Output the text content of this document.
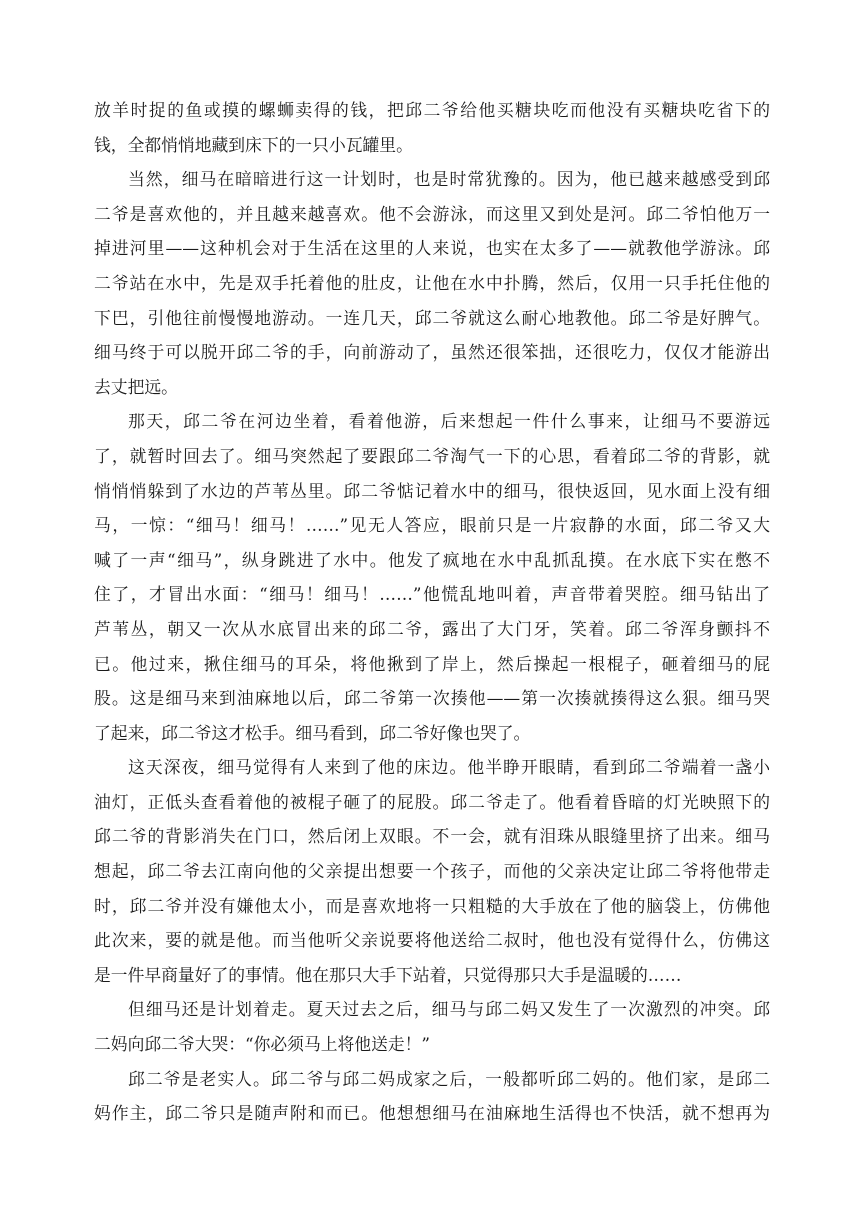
放羊时捉的鱼或摸的螺蛳卖得的钱，把邱二爷给他买糖块吃而他没有买糖块吃省下的
钱，全都悄悄地藏到床下的一只小瓦罐里。
当然，细马在暗暗进行这一计划时，也是时常犹豫的。因为，他已越来越感受到邱
二爷是喜欢他的，并且越来越喜欢。他不会游泳，而这里又到处是河。邱二爷怕他万一
掉进河里——这种机会对于生活在这里的人来说，也实在太多了——就教他学游泳。邱
二爷站在水中，先是双手托着他的肚皮，让他在水中扑腾，然后，仅用一只手托住他的
下巴，引他往前慢慢地游动。一连几天，邱二爷就这么耐心地教他。邱二爷是好脾气。
细马终于可以脱开邱二爷的手，向前游动了，虽然还很笨拙，还很吃力，仅仅才能游出
去丈把远。
那天，邱二爷在河边坐着，看着他游，后来想起一件什么事来，让细马不要游远
了，就暂时回去了。细马突然起了要跟邱二爷淘气一下的心思，看着邱二爷的背影，就
悄悄悄躲到了水边的芦苇丛里。邱二爷惦记着水中的细马，很快返回，见水面上没有细
马，一惊：“细马！细马！……”见无人答应，眼前只是一片寂静的水面，邱二爷又大
喊了一声“细马”，纵身跳进了水中。他发了疯地在水中乱抓乱摸。在水底下实在憋不
住了，才冒出水面：“细马！细马！……”他慌乱地叫着，声音带着哭腔。细马钻出了
芦苇丛，朝又一次从水底冒出来的邱二爷，露出了大门牙，笑着。邱二爷浑身颤抖不
已。他过来，揪住细马的耳朵，将他揪到了岸上，然后操起一根棍子，砸着细马的屁
股。这是细马来到油麻地以后，邱二爷第一次揍他——第一次揍就揍得这么狠。细马哭
了起来，邱二爷这才松手。细马看到，邱二爷好像也哭了。
这天深夜，细马觉得有人来到了他的床边。他半睁开眼睛，看到邱二爷端着一盏小
油灯，正低头查看着他的被棍子砸了的屁股。邱二爷走了。他看着昏暗的灯光映照下的
邱二爷的背影消失在门口，然后闭上双眼。不一会，就有泪珠从眼缝里挤了出来。细马
想起，邱二爷去江南向他的父亲提出想要一个孩子，而他的父亲决定让邱二爷将他带走
时，邱二爷并没有嫌他太小，而是喜欢地将一只粗糙的大手放在了他的脑袋上，仿佛他
此次来，要的就是他。而当他听父亲说要将他送给二叔时，他也没有觉得什么，仿佛这
是一件早商量好了的事情。他在那只大手下站着，只觉得那只大手是温暖的……
但细马还是计划着走。夏天过去之后，细马与邱二妈又发生了一次激烈的冲突。邱
二妈向邱二爷大哭：“你必须马上将他送走！”
邱二爷是老实人。邱二爷与邱二妈成家之后，一般都听邱二妈的。他们家，是邱二
妈作主，邱二爷只是随声附和而已。他想想细马在油麻地生活得也不快活，就不想再为
